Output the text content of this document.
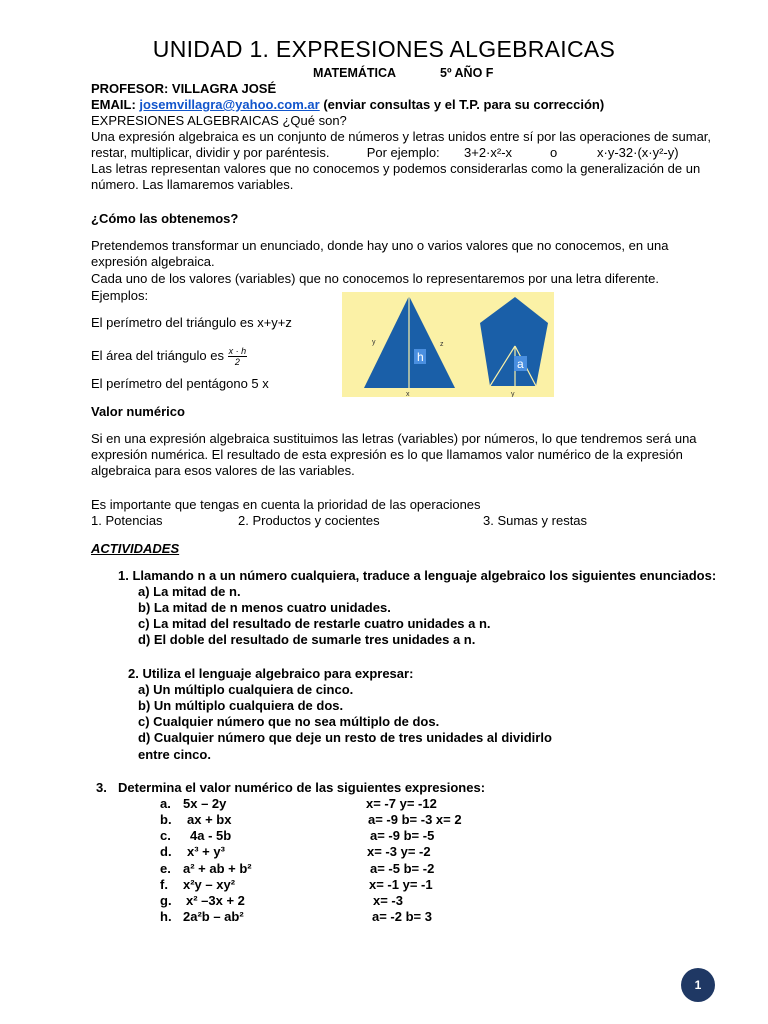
UNIDAD 1. EXPRESIONES ALGEBRAICAS
MATEMÁTICA	5º AÑO F
PROFESOR: VILLAGRA JOSÉ
EMAIL: josemvillagra@yahoo.com.ar (enviar consultas y el T.P. para su corrección)
EXPRESIONES ALGEBRAICAS ¿Qué son?
Una expresión algebraica es un conjunto de números y letras unidos entre sí por las operaciones de sumar,
restar, multiplicar, dividir y por paréntesis.	Por ejemplo: 3+2·x²-x	o	x·y-32·(x·y²-y)
Las letras representan valores que no conocemos y podemos considerarlas como la generalización de un
número. Las llamaremos variables.
¿Cómo las obtenemos?
Pretendemos transformar un enunciado, donde hay uno o varios valores que no conocemos, en una
expresión algebraica.
Cada uno de los valores (variables) que no conocemos lo representaremos por una letra diferente.
Ejemplos:
El perímetro del triángulo es x+y+z
El área del triángulo es $\frac{x \cdot h}{2}$
El perímetro del pentágono 5 x
y	z
h
x
a
y
Valor numérico
Si en una expresión algebraica sustituimos las letras (variables) por números, lo que tendremos será una
expresión numérica. El resultado de esta expresión es lo que llamamos valor numérico de la expresión
algebraica para esos valores de las variables.
Es importante que tengas en cuenta la prioridad de las operaciones
1. Potencias	2. Productos y cocientes	3. Sumas y restas
ACTIVIDADES
1. Llamando n a un número cualquiera, traduce a lenguaje algebraico los siguientes enunciados:
a) La mitad de n.
b) La mitad de n menos cuatro unidades.
c) La mitad del resultado de restarle cuatro unidades a n.
d) El doble del resultado de sumarle tres unidades a n.
2. Utiliza el lenguaje algebraico para expresar:
a) Un múltiplo cualquiera de cinco.
b) Un múltiplo cualquiera de dos.
c) Cualquier número que no sea múltiplo de dos.
d) Cualquier número que deje un resto de tres unidades al dividirlo
entre cinco.
3. Determina el valor numérico de las siguientes expresiones:
a. 5x – 2y	x= -7 y= -12
b. ax + bx	a= -9 b= -3 x= 2
c. 4a - 5b	a= -9 b= -5
d. x³ + y³	x= -3 y= -2
e. a² + ab + b²	a= -5 b= -2
f. x²y – xy²	x= -1 y= -1
g. x² –3x + 2	x= -3
h. 2a²b – ab²	a= -2 b= 3
1
